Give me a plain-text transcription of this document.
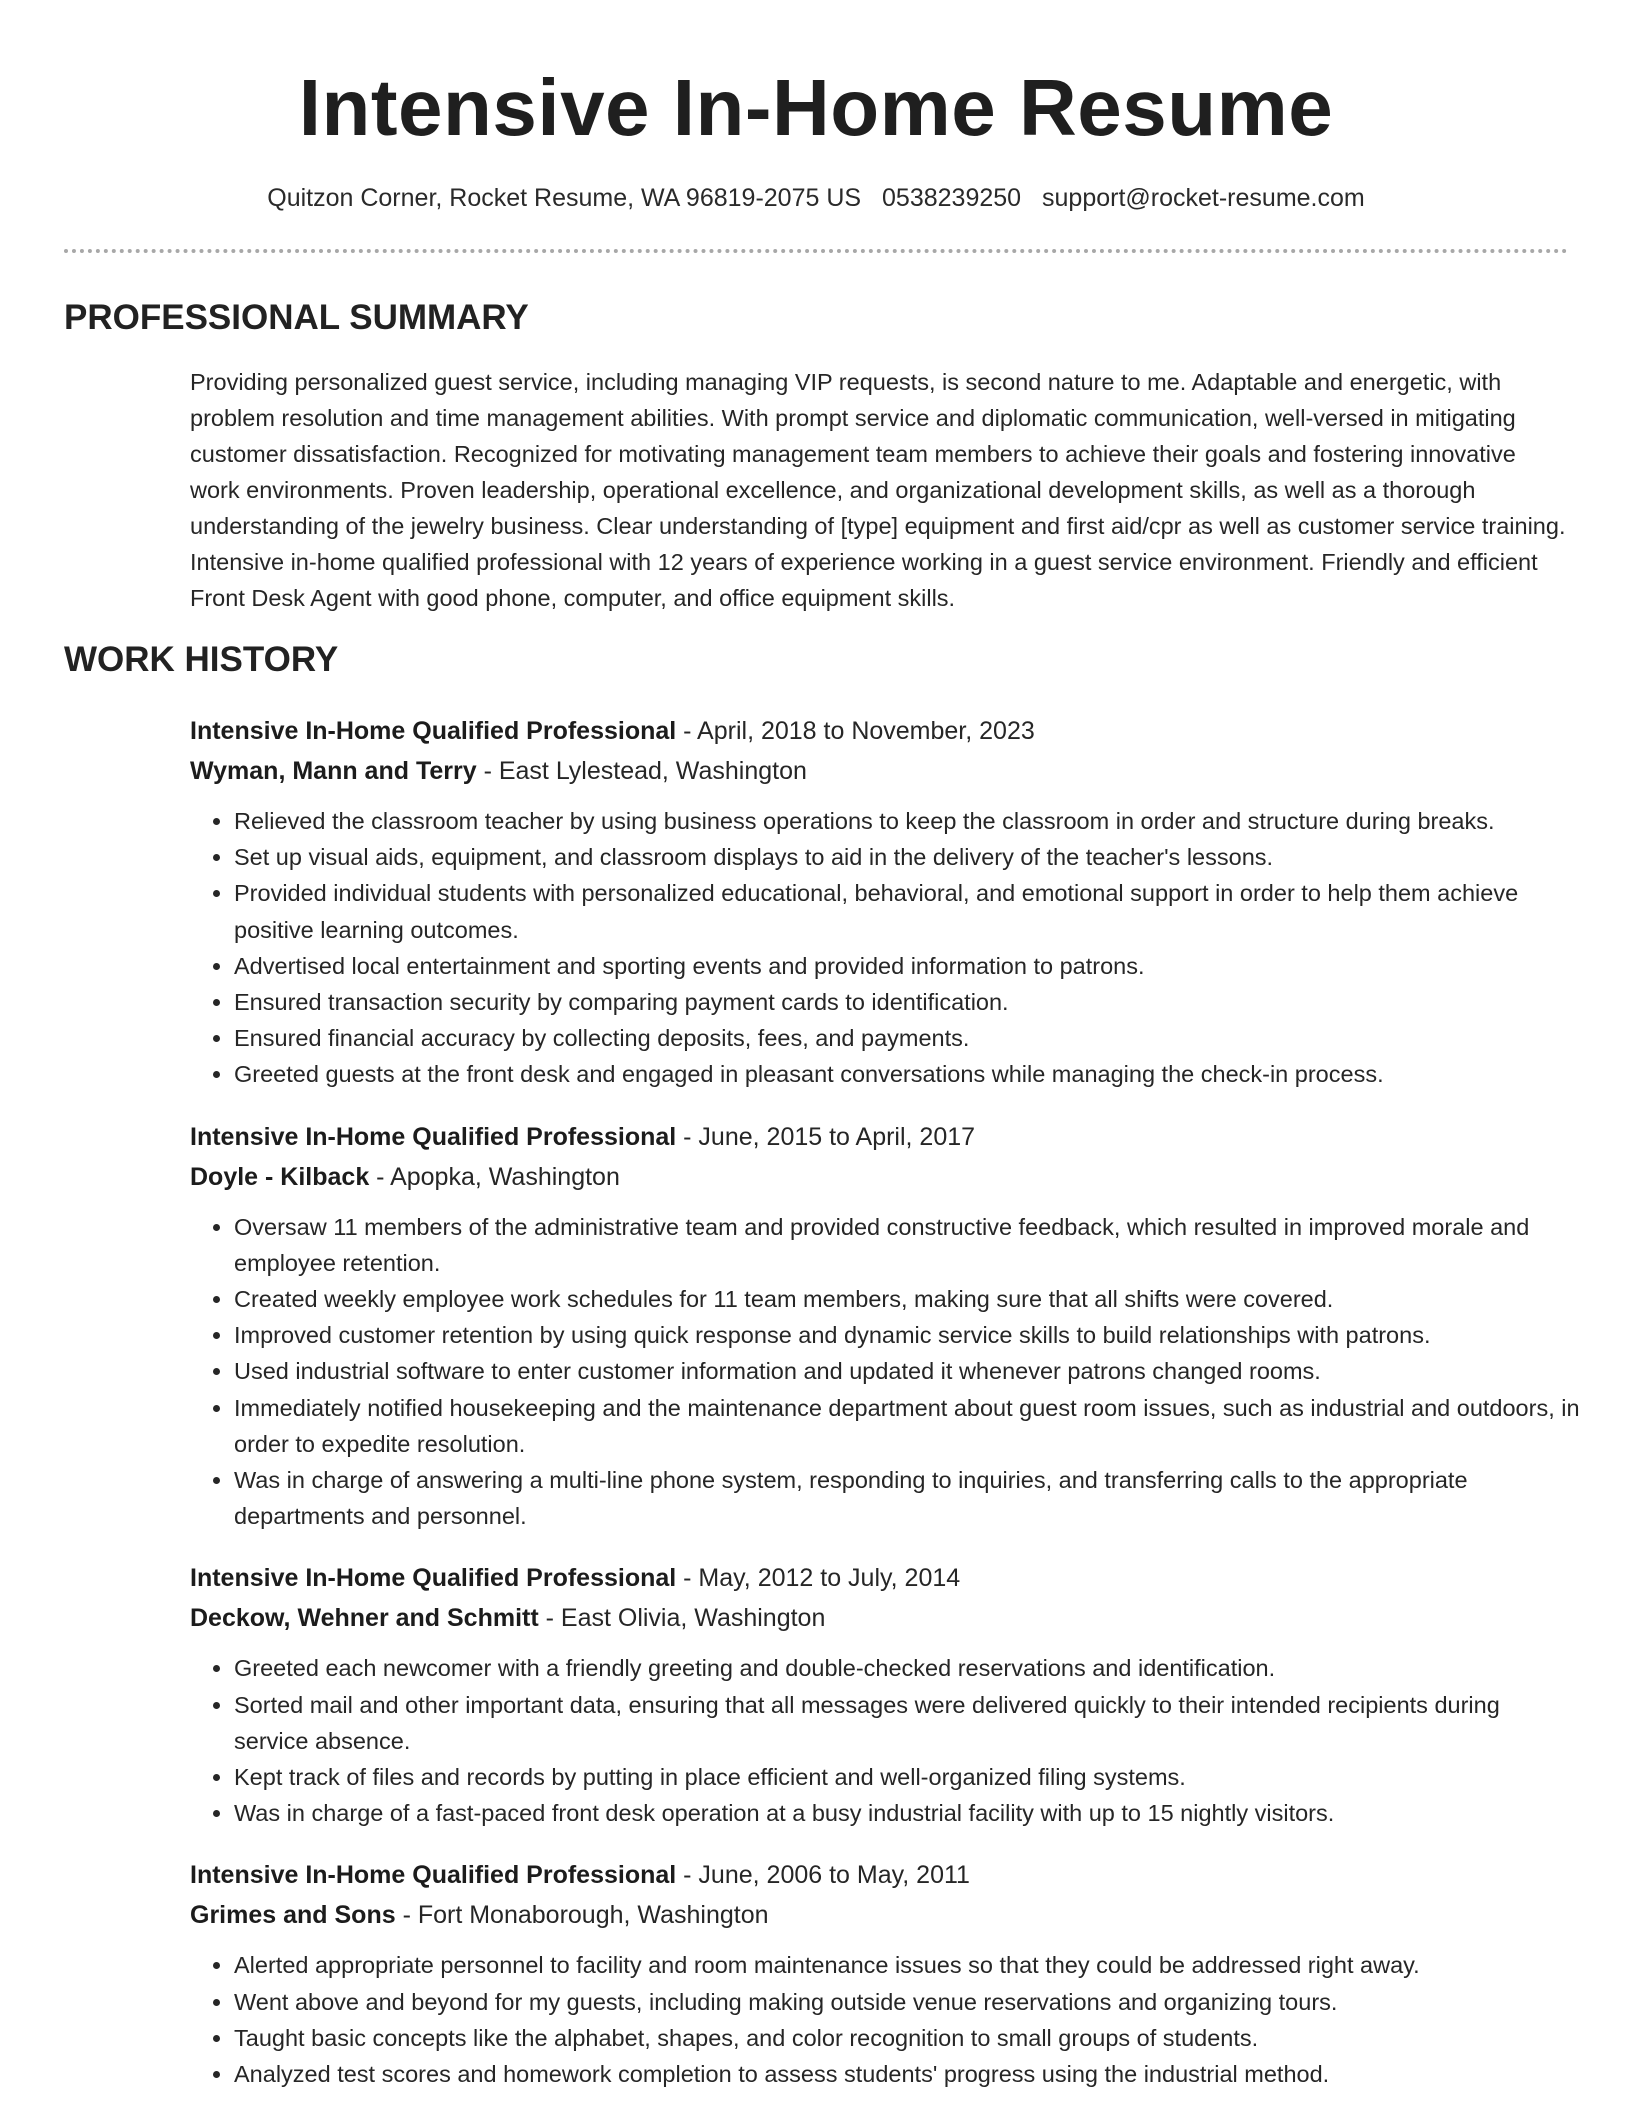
Intensive In-Home Resume
Quitzon Corner, Rocket Resume, WA 96819-2075 US 0538239250 support@rocket-resume.com
PROFESSIONAL SUMMARY

Providing personalized guest service, including managing VIP requests, is second nature to me. Adaptable and energetic, with problem resolution and time management abilities. With prompt service and diplomatic communication, well-versed in mitigating customer dissatisfaction. Recognized for motivating management team members to achieve their goals and fostering innovative work environments. Proven leadership, operational excellence, and organizational development skills, as well as a thorough understanding of the jewelry business. Clear understanding of [type] equipment and first aid/cpr as well as customer service training. Intensive in-home qualified professional with 12 years of experience working in a guest service environment. Friendly and efficient Front Desk Agent with good phone, computer, and office equipment skills.

WORK HISTORY
Intensive In-Home Qualified Professional - April, 2018 to November, 2023
Wyman, Mann and Terry - East Lylestead, Washington
• Relieved the classroom teacher by using business operations to keep the classroom in order and structure during breaks.
• Set up visual aids, equipment, and classroom displays to aid in the delivery of the teacher's lessons.
• Provided individual students with personalized educational, behavioral, and emotional support in order to help them achieve positive learning outcomes.
• Advertised local entertainment and sporting events and provided information to patrons.
• Ensured transaction security by comparing payment cards to identification.
• Ensured financial accuracy by collecting deposits, fees, and payments.
• Greeted guests at the front desk and engaged in pleasant conversations while managing the check-in process.
Intensive In-Home Qualified Professional - June, 2015 to April, 2017
Doyle - Kilback - Apopka, Washington
• Oversaw 11 members of the administrative team and provided constructive feedback, which resulted in improved morale and employee retention.
• Created weekly employee work schedules for 11 team members, making sure that all shifts were covered.
• Improved customer retention by using quick response and dynamic service skills to build relationships with patrons.
• Used industrial software to enter customer information and updated it whenever patrons changed rooms.
• Immediately notified housekeeping and the maintenance department about guest room issues, such as industrial and outdoors, in order to expedite resolution.
• Was in charge of answering a multi-line phone system, responding to inquiries, and transferring calls to the appropriate departments and personnel.
Intensive In-Home Qualified Professional - May, 2012 to July, 2014
Deckow, Wehner and Schmitt - East Olivia, Washington
• Greeted each newcomer with a friendly greeting and double-checked reservations and identification.
• Sorted mail and other important data, ensuring that all messages were delivered quickly to their intended recipients during service absence.
• Kept track of files and records by putting in place efficient and well-organized filing systems.
• Was in charge of a fast-paced front desk operation at a busy industrial facility with up to 15 nightly visitors.
Intensive In-Home Qualified Professional - June, 2006 to May, 2011
Grimes and Sons - Fort Monaborough, Washington
• Alerted appropriate personnel to facility and room maintenance issues so that they could be addressed right away.
• Went above and beyond for my guests, including making outside venue reservations and organizing tours.
• Taught basic concepts like the alphabet, shapes, and color recognition to small groups of students.
• Analyzed test scores and homework completion to assess students' progress using the industrial method.
